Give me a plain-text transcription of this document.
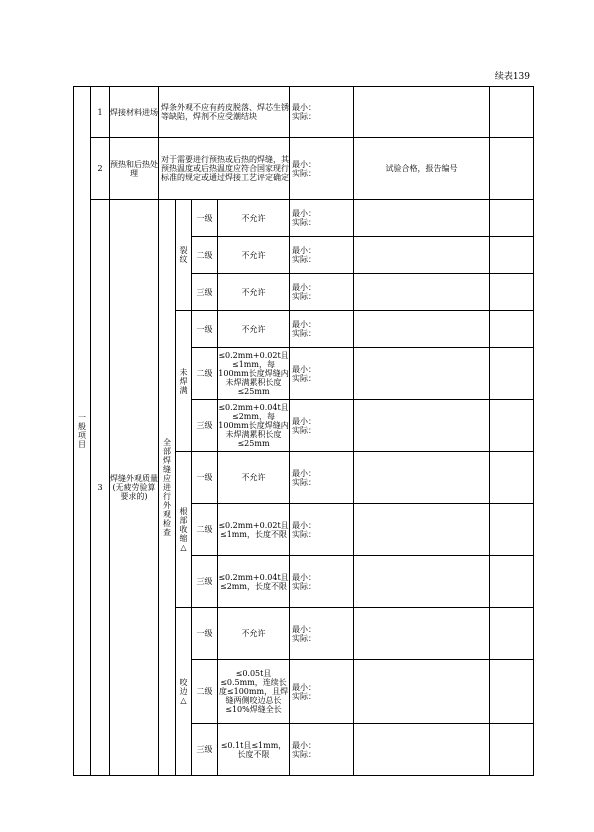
续表139
一般项目	1	焊接材料进场	焊条外观不应有药皮脱落、焊芯生锈等缺陷，焊剂不应受潮结块				最小：
实际：		

	2	预热和后热处理	对于需要进行预热或后热的焊缝，其预热温度或后热温度应符合国家现行标准的规定或通过焊接工艺评定确定				最小：
实际：	试验合格，报告编号	
	3	焊缝外观质量(无疲劳验算要求的)	全部焊缝应进行外观检查	裂纹	一级	不允许	最小：
实际：		

					二级	不允许	最小：
实际：		

					三级	不允许	最小：
实际：		

				未焊满	一级	不允许	最小：
实际：		

					二级	≤0.2mm+0.02t且≤1mm，每100mm长度焊缝内未焊满累积长度≤25mm	最小：
实际：		

					三级	≤0.2mm+0.04t且≤2mm，每100mm长度焊缝内未焊满累积长度≤25mm	最小：
实际：		

				根部收缩△	一级	不允许	最小：
实际：		

					二级	≤0.2mm+0.02t且≤1mm，长度不限	最小：
实际：		

					三级	≤0.2mm+0.04t且≤2mm，长度不限	最小：
实际：		

				咬边△	一级	不允许	最小：
实际：		

					二级	≤0.05t且≤0.5mm，连续长度≤100mm，且焊缝两侧咬边总长≤10%焊缝全长	最小：
实际：		

					三级	≤0.1t且≤1mm，长度不限	最小：
实际：		
